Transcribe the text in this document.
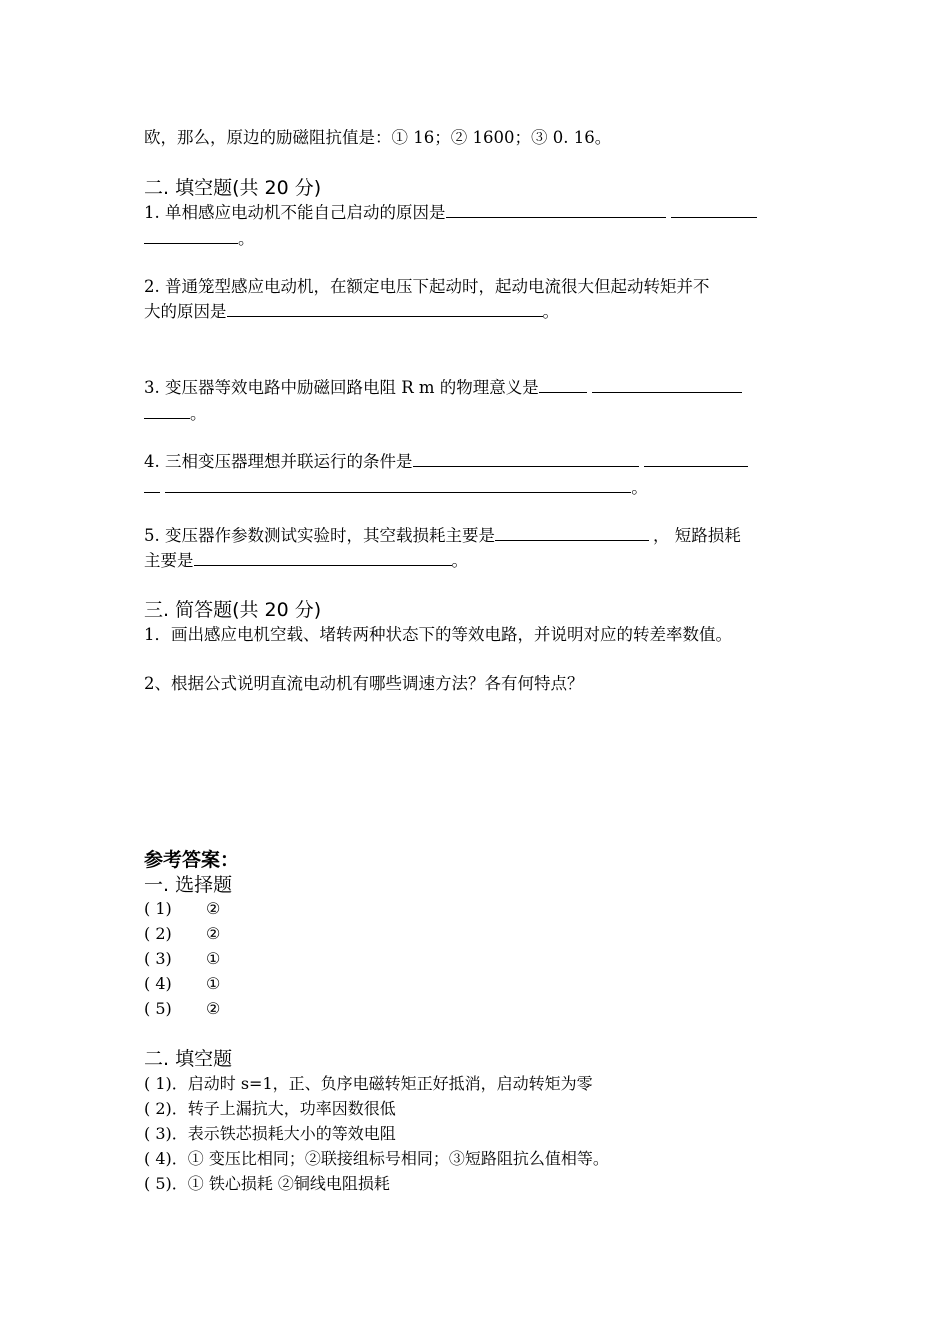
欧，那么，原边的励磁阻抗值是：① 16；② 1600；③ 0. 16。
二. 填空题(共 20 分)
1. 单相感应电动机不能自己启动的原因是
。
2. 普通笼型感应电动机，在额定电压下起动时，起动电流很大但起动转矩并不
大的原因是	。
3. 变压器等效电路中励磁回路电阻 R m 的物理意义是
。
4. 三相变压器理想并联运行的条件是
。
5. 变压器作参数测试实验时，其空载损耗主要是	， 短路损耗
主要是	。
三. 简答题(共 20 分)
1．画出感应电机空载、堵转两种状态下的等效电路，并说明对应的转差率数值。
2、根据公式说明直流电动机有哪些调速方法？各有何特点？
参考答案：
一. 选择题
( 1) ②
( 2) ②
( 3) ①
( 4) ①
( 5) ②
二. 填空题
( 1)．启动时 s=1，正、负序电磁转矩正好抵消，启动转矩为零
( 2)．转子上漏抗大，功率因数很低
( 3)．表示铁芯损耗大小的等效电阻
( 4)．① 变压比相同；②联接组标号相同；③短路阻抗么值相等。
( 5)．① 铁心损耗 ②铜线电阻损耗
